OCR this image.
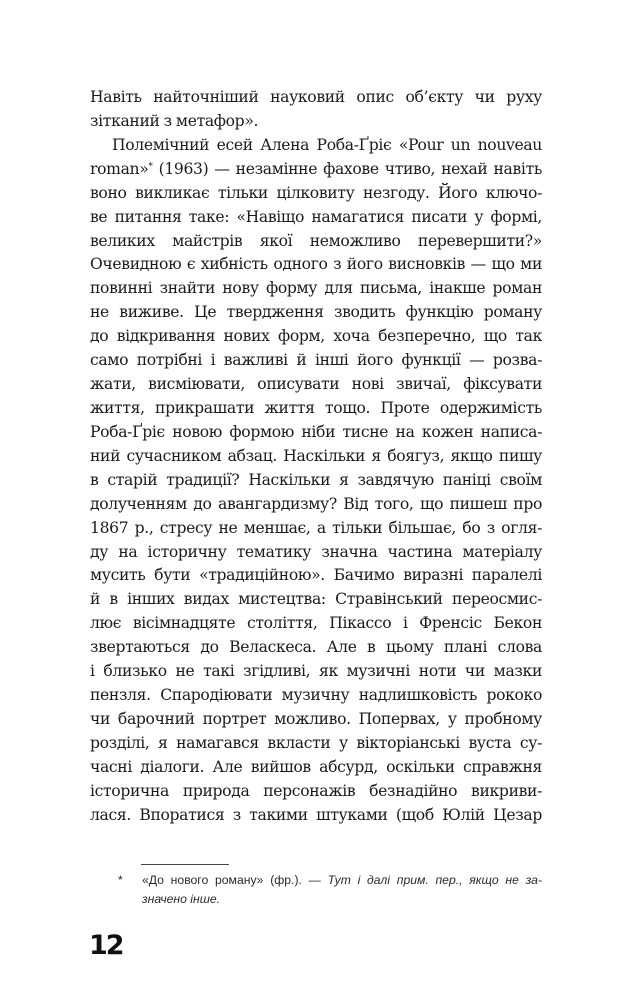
Навіть найточніший науковий опис об’єкту чи руху
зітканий з метафор».
Полемічний есей Алена Роба-Ґріє «Pour un nouveau
roman»* (1963) — незамінне фахове чтиво, нехай навіть
воно викликає тільки цілковиту незгоду. Його ключо-
ве питання таке: «Навіщо намагатися писати у формі,
великих майстрів якої неможливо перевершити?»
Очевидною є хибність одного з його висновків — що ми
повинні знайти нову форму для письма, інакше роман
не виживе. Це твердження зводить функцію роману
до відкривання нових форм, хоча безперечно, що так
само потрібні і важливі й інші його функції — розва-
жати, висміювати, описувати нові звичаї, фіксувати
життя, прикрашати життя тощо. Проте одержимість
Роба-Ґріє новою формою ніби тисне на кожен написа-
ний сучасником абзац. Наскільки я боягуз, якщо пишу
в старій традиції? Наскільки я завдячую паніці своїм
долученням до авангардизму? Від того, що пишеш про
1867 р., стресу не меншає, а тільки більшає, бо з огля-
ду на історичну тематику значна частина матеріалу
мусить бути «традиційною». Бачимо виразні паралелі
й в інших видах мистецтва: Стравінський переосмис-
лює вісімнадцяте століття, Пікассо і Френсіс Бекон
звертаються до Веласкеса. Але в цьому плані слова
і близько не такі згідливі, як музичні ноти чи мазки
пензля. Спародіювати музичну надлишковість рококо
чи барочний портрет можливо. Поперваx, у пробному
розділі, я намагався вкласти у вікторіанські вуста су-
часні діалоги. Але вийшов абсурд, оскільки справжня
історична природа персонажів безнадійно викриви-
лася. Впоратися з такими штуками (щоб Юлій Цезар
*	«До нового роману» (фр.). — Тут і далі прим. пер., якщо не за-
значено інше.
12
